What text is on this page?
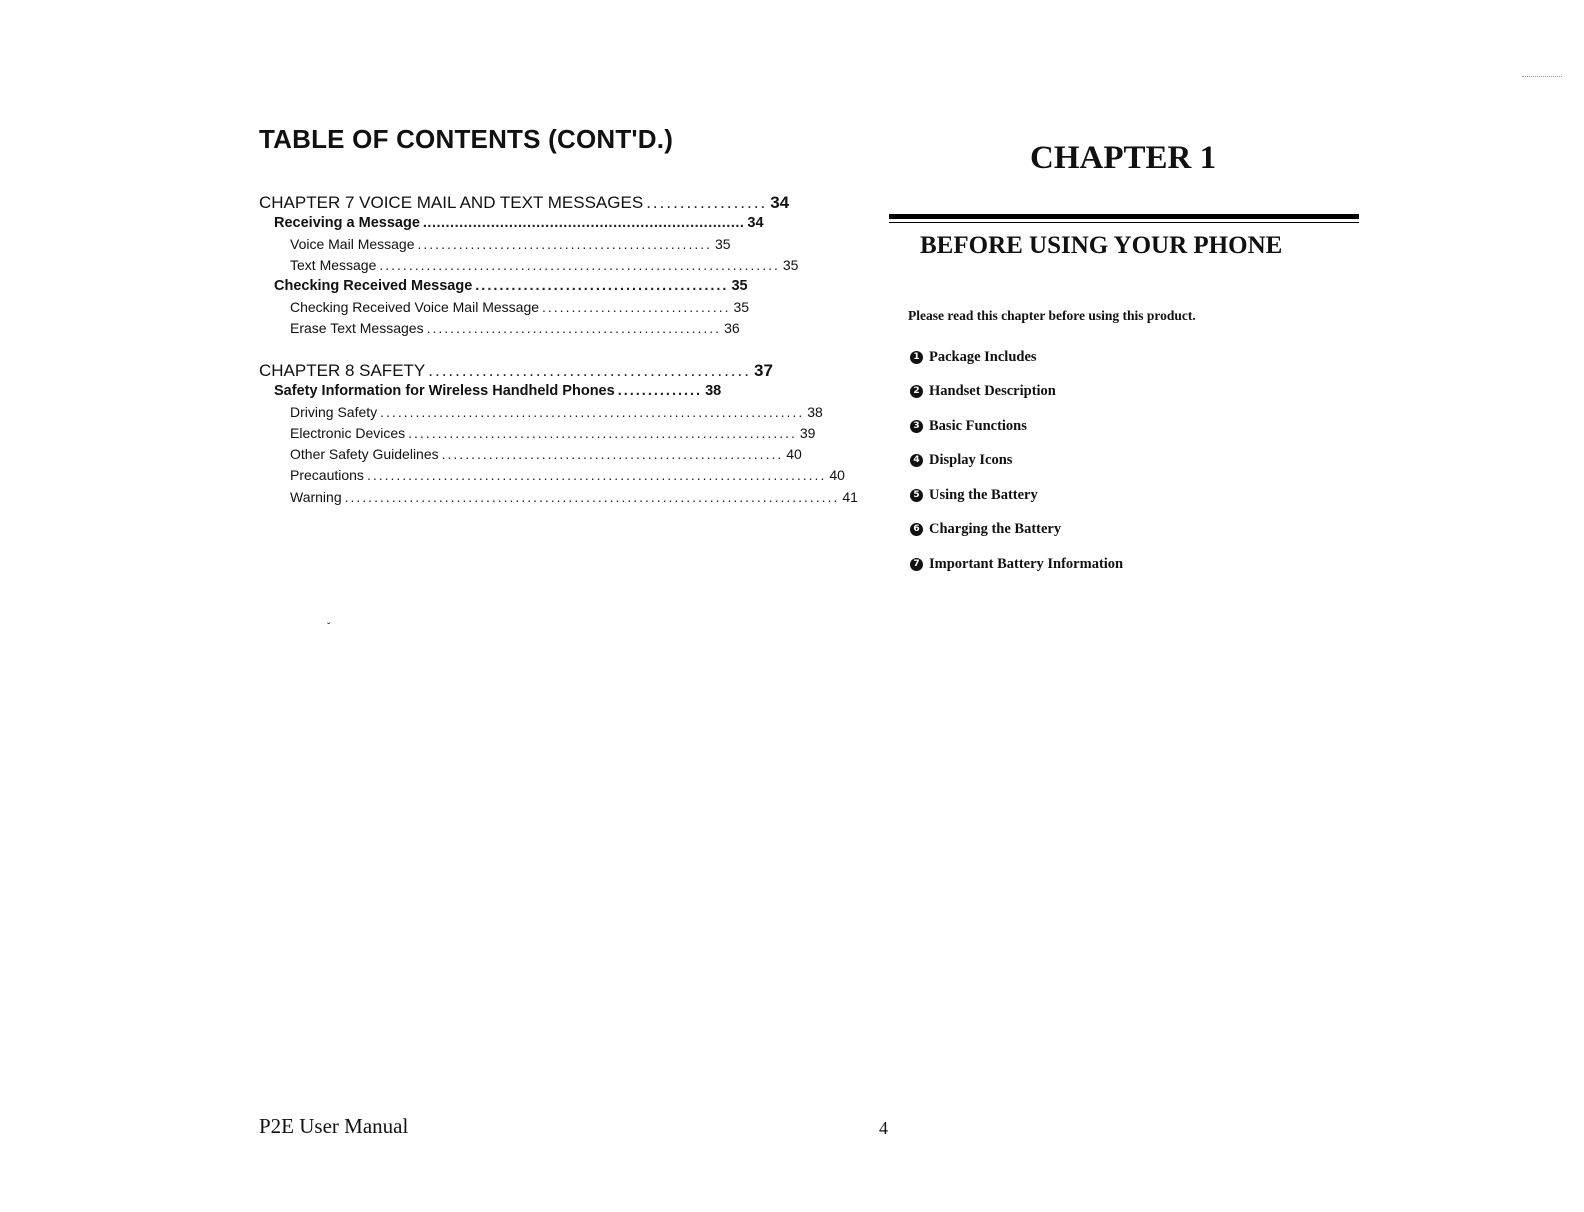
TABLE OF CONTENTS (CONT'D.)
CHAPTER 7 VOICE MAIL AND TEXT MESSAGES .................. 34
Receiving a Message ....................................................................... 34
Voice Mail Message .................................................. 35
Text Message .................................................................... 35
Checking Received Message .......................................... 35
Checking Received Voice Mail Message ................................ 35
Erase Text Messages .................................................. 36
CHAPTER 8 SAFETY ................................................ 37
Safety Information for Wireless Handheld Phones .............. 38
Driving Safety ........................................................................ 38
Electronic Devices .................................................................. 39
Other Safety Guidelines .......................................................... 40
Precautions .............................................................................. 40
Warning .................................................................................... 41
ˇ
P2E User Manual	4
CHAPTER 1
BEFORE USING YOUR PHONE
Please read this chapter before using this product.
1 Package Includes
2 Handset Description
3 Basic Functions
4 Display Icons
5 Using the Battery
6 Charging the Battery
7 Important Battery Information
